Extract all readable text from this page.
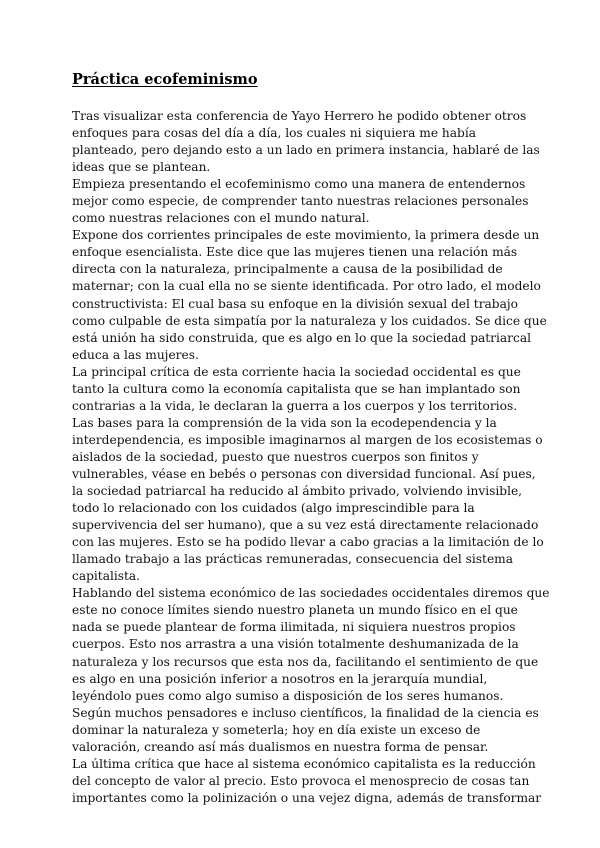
Práctica ecofeminismo
Tras visualizar esta conferencia de Yayo Herrero he podido obtener otros
enfoques para cosas del día a día, los cuales ni siquiera me había
planteado, pero dejando esto a un lado en primera instancia, hablaré de las
ideas que se plantean.
Empieza presentando el ecofeminismo como una manera de entendernos
mejor como especie, de comprender tanto nuestras relaciones personales
como nuestras relaciones con el mundo natural.
Expone dos corrientes principales de este movimiento, la primera desde un
enfoque esencialista. Este dice que las mujeres tienen una relación más
directa con la naturaleza, principalmente a causa de la posibilidad de
maternar; con la cual ella no se siente identificada. Por otro lado, el modelo
constructivista: El cual basa su enfoque en la división sexual del trabajo
como culpable de esta simpatía por la naturaleza y los cuidados. Se dice que
está unión ha sido construida, que es algo en lo que la sociedad patriarcal
educa a las mujeres.
La principal crítica de esta corriente hacia la sociedad occidental es que
tanto la cultura como la economía capitalista que se han implantado son
contrarias a la vida, le declaran la guerra a los cuerpos y los territorios.
Las bases para la comprensión de la vida son la ecodependencia y la
interdependencia, es imposible imaginarnos al margen de los ecosistemas o
aislados de la sociedad, puesto que nuestros cuerpos son finitos y
vulnerables, véase en bebés o personas con diversidad funcional. Así pues,
la sociedad patriarcal ha reducido al ámbito privado, volviendo invisible,
todo lo relacionado con los cuidados (algo imprescindible para la
supervivencia del ser humano), que a su vez está directamente relacionado
con las mujeres. Esto se ha podido llevar a cabo gracias a la limitación de lo
llamado trabajo a las prácticas remuneradas, consecuencia del sistema
capitalista.
Hablando del sistema económico de las sociedades occidentales diremos que
este no conoce límites siendo nuestro planeta un mundo físico en el que
nada se puede plantear de forma ilimitada, ni siquiera nuestros propios
cuerpos. Esto nos arrastra a una visión totalmente deshumanizada de la
naturaleza y los recursos que esta nos da, facilitando el sentimiento de que
es algo en una posición inferior a nosotros en la jerarquía mundial,
leyéndolo pues como algo sumiso a disposición de los seres humanos.
Según muchos pensadores e incluso científicos, la finalidad de la ciencia es
dominar la naturaleza y someterla; hoy en día existe un exceso de
valoración, creando así más dualismos en nuestra forma de pensar.
La última crítica que hace al sistema económico capitalista es la reducción
del concepto de valor al precio. Esto provoca el menosprecio de cosas tan
importantes como la polinización o una vejez digna, además de transformar
